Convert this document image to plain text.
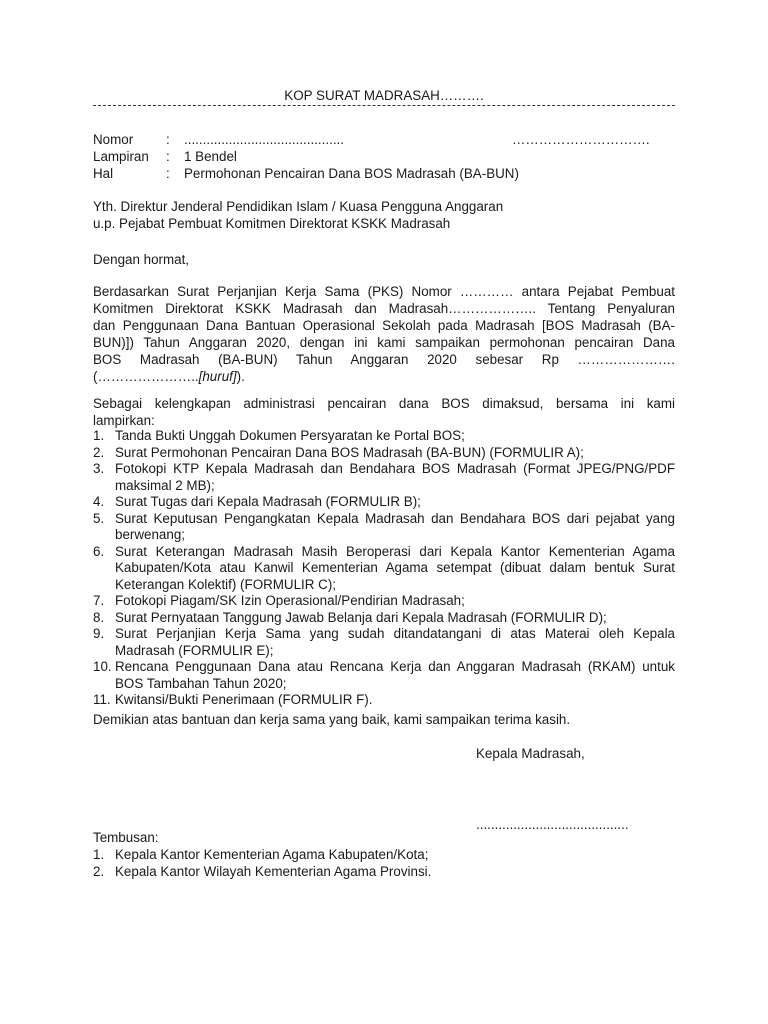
KOP SURAT MADRASAH……….
Nomor	:	...........................................	………………………….
Lampiran	:	1 Bendel
Hal	:	Permohonan Pencairan Dana BOS Madrasah (BA-BUN)
Yth. Direktur Jenderal Pendidikan Islam / Kuasa Pengguna Anggaran
u.p. Pejabat Pembuat Komitmen Direktorat KSKK Madrasah
Dengan hormat,
Berdasarkan Surat Perjanjian Kerja Sama (PKS) Nomor ………… antara Pejabat Pembuat
Komitmen Direktorat KSKK Madrasah dan Madrasah……………….. Tentang Penyaluran
dan Penggunaan Dana Bantuan Operasional Sekolah pada Madrasah [BOS Madrasah (BA-
BUN)]) Tahun Anggaran 2020, dengan ini kami sampaikan permohonan pencairan Dana
BOS Madrasah (BA-BUN) Tahun Anggaran 2020 sebesar Rp ………………….
(…………………..[huruf]).
Sebagai kelengkapan administrasi pencairan dana BOS dimaksud, bersama ini kami
lampirkan:
1. Tanda Bukti Unggah Dokumen Persyaratan ke Portal BOS;
2. Surat Permohonan Pencairan Dana BOS Madrasah (BA-BUN) (FORMULIR A);
3. Fotokopi KTP Kepala Madrasah dan Bendahara BOS Madrasah (Format JPEG/PNG/PDF maksimal 2 MB);
4. Surat Tugas dari Kepala Madrasah (FORMULIR B);
5. Surat Keputusan Pengangkatan Kepala Madrasah dan Bendahara BOS dari pejabat yang berwenang;
6. Surat Keterangan Madrasah Masih Beroperasi dari Kepala Kantor Kementerian Agama Kabupaten/Kota atau Kanwil Kementerian Agama setempat (dibuat dalam bentuk Surat Keterangan Kolektif) (FORMULIR C);
7. Fotokopi Piagam/SK Izin Operasional/Pendirian Madrasah;
8. Surat Pernyataan Tanggung Jawab Belanja dari Kepala Madrasah (FORMULIR D);
9. Surat Perjanjian Kerja Sama yang sudah ditandatangani di atas Materai oleh Kepala Madrasah (FORMULIR E);
10. Rencana Penggunaan Dana atau Rencana Kerja dan Anggaran Madrasah (RKAM) untuk BOS Tambahan Tahun 2020;
11. Kwitansi/Bukti Penerimaan (FORMULIR F).
Demikian atas bantuan dan kerja sama yang baik, kami sampaikan terima kasih.
Kepala Madrasah,
.........................................
Tembusan:
1. Kepala Kantor Kementerian Agama Kabupaten/Kota;
2. Kepala Kantor Wilayah Kementerian Agama Provinsi.
